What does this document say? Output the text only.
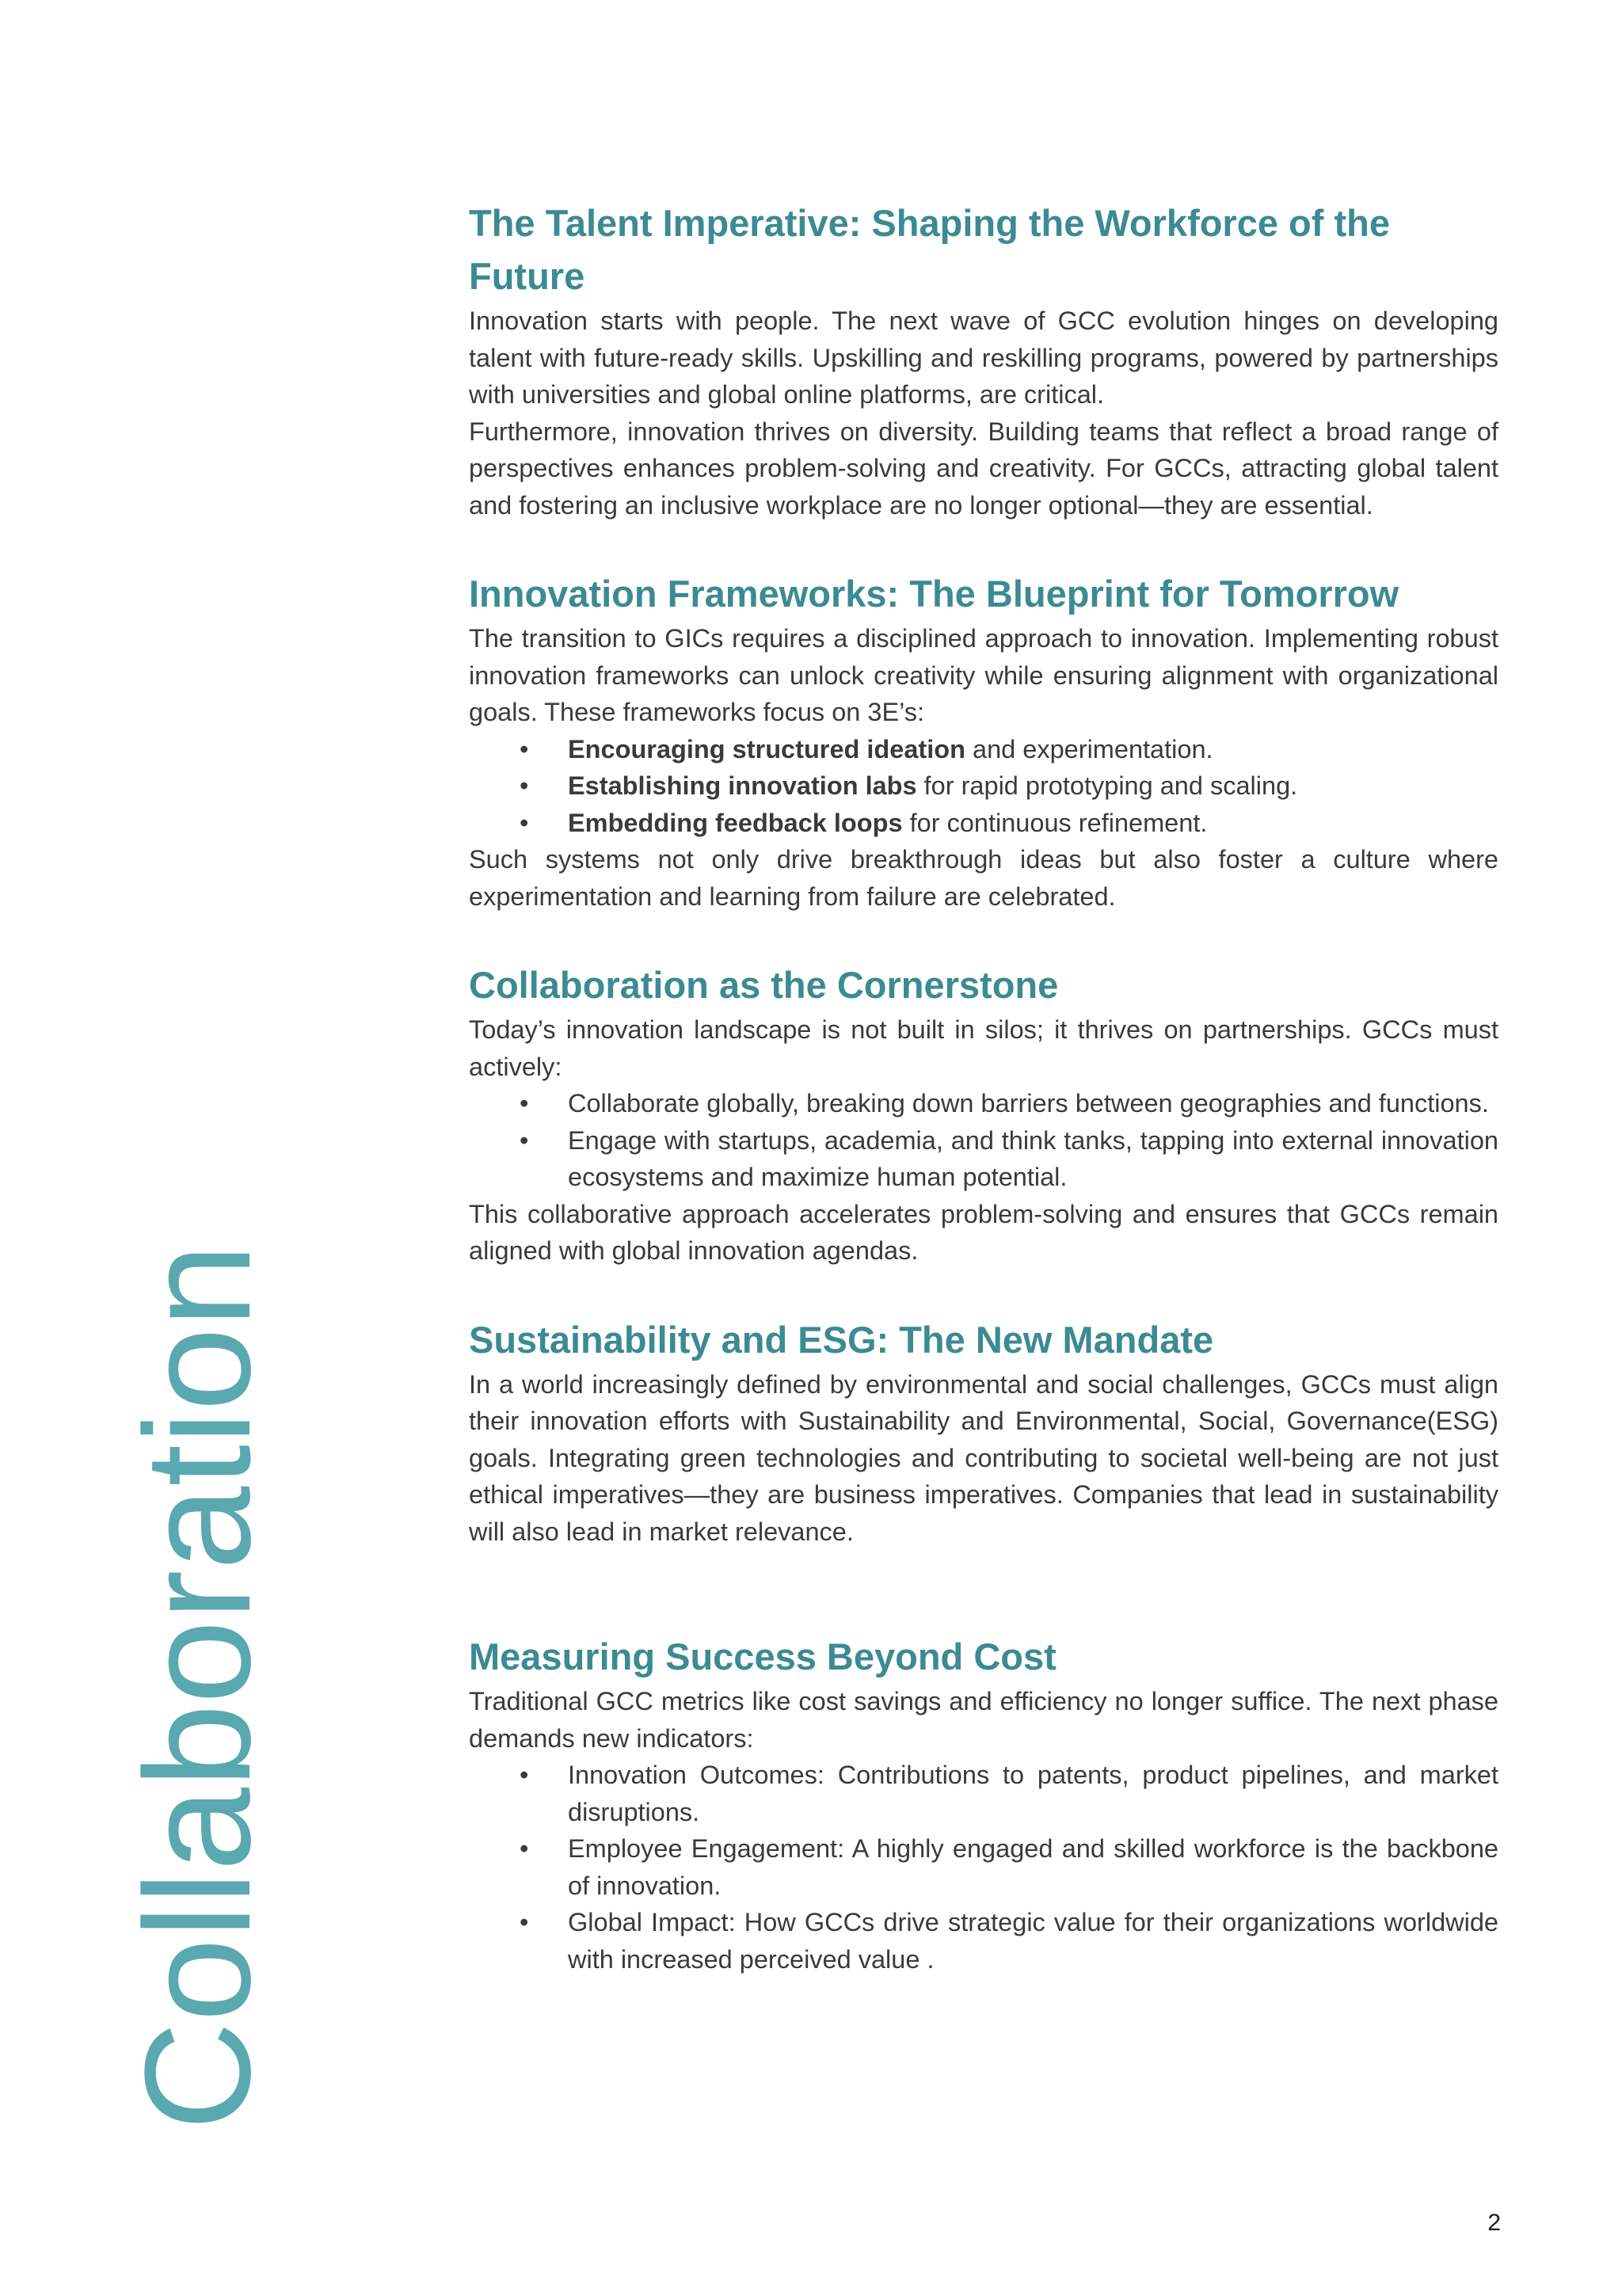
Collaboration
The Talent Imperative: Shaping the Workforce of the
Future

Innovation starts with people. The next wave of GCC evolution hinges on developing talent with future-ready skills. Upskilling and reskilling programs, powered by partnerships with universities and global online platforms, are critical.

Furthermore, innovation thrives on diversity. Building teams that reflect a broad range of perspectives enhances problem-solving and creativity. For GCCs, attracting global talent and fostering an inclusive workplace are no longer optional—they are essential.

Innovation Frameworks: The Blueprint for Tomorrow

The transition to GICs requires a disciplined approach to innovation. Implementing robust innovation frameworks can unlock creativity while ensuring alignment with organizational goals. These frameworks focus on 3E’s:

• Encouraging structured ideation and experimentation.
• Establishing innovation labs for rapid prototyping and scaling.
• Embedding feedback loops for continuous refinement.

Such systems not only drive breakthrough ideas but also foster a culture where experimentation and learning from failure are celebrated.

Collaboration as the Cornerstone

Today’s innovation landscape is not built in silos; it thrives on partnerships. GCCs must actively:

• Collaborate globally, breaking down barriers between geographies and functions.
• Engage with startups, academia, and think tanks, tapping into external innovation ecosystems and maximize human potential.

This collaborative approach accelerates problem-solving and ensures that GCCs remain aligned with global innovation agendas.

Sustainability and ESG: The New Mandate

In a world increasingly defined by environmental and social challenges, GCCs must align their innovation efforts with Sustainability and Environmental, Social, Governance(ESG) goals. Integrating green technologies and contributing to societal well-being are not just ethical imperatives—they are business imperatives. Companies that lead in sustainability will also lead in market relevance.

Measuring Success Beyond Cost

Traditional GCC metrics like cost savings and efficiency no longer suffice. The next phase demands new indicators:

• Innovation Outcomes: Contributions to patents, product pipelines, and market disruptions.
• Employee Engagement: A highly engaged and skilled workforce is the backbone of innovation.
• Global Impact: How GCCs drive strategic value for their organizations worldwide with increased perceived value .
2
